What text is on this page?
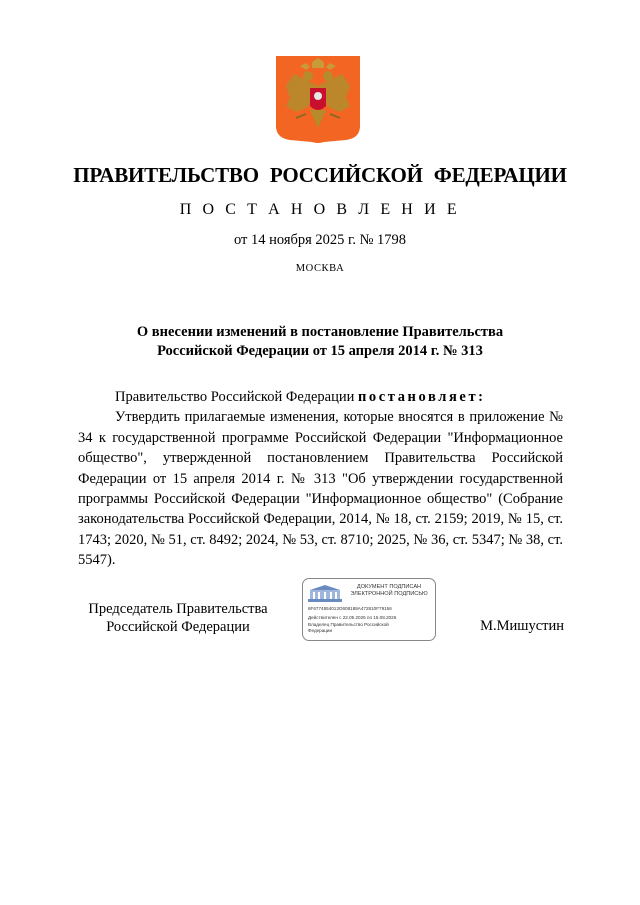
ПРАВИТЕЛЬСТВО РОССИЙСКОЙ ФЕДЕРАЦИИ
П О С Т А Н О В Л Е Н И Е
от 14 ноября 2025 г. № 1798
МОСКВА
О внесении изменений в постановление Правительства
Российской Федерации от 15 апреля 2014 г. № 313

Правительство Российской Федерации постановляет:

Утвердить прилагаемые изменения, которые вносятся в приложение № 34 к государственной программе Российской Федерации "Информационное общество", утвержденной постановлением Правительства Российской Федерации от 15 апреля 2014 г. № 313 "Об утверждении государственной программы Российской Федерации "Информационное общество" (Собрание законодательства Российской Федерации, 2014, № 18, ст. 2159; 2019, № 15, ст. 1743; 2020, № 51, ст. 8492; 2024, № 53, ст. 8710; 2025, № 36, ст. 5347; № 38, ст. 5547).

Председатель Правительства
Российской Федерации
ДОКУМЕНТ ПОДПИСАН
ЭЛЕКТРОННОЙ ПОДПИСЬЮ
6F6774854013O608188A472810F79156
Действителен с 22.05.2025 по 15.08.2026
Владелец Правительство Российской
Федерации	М.Мишустин
